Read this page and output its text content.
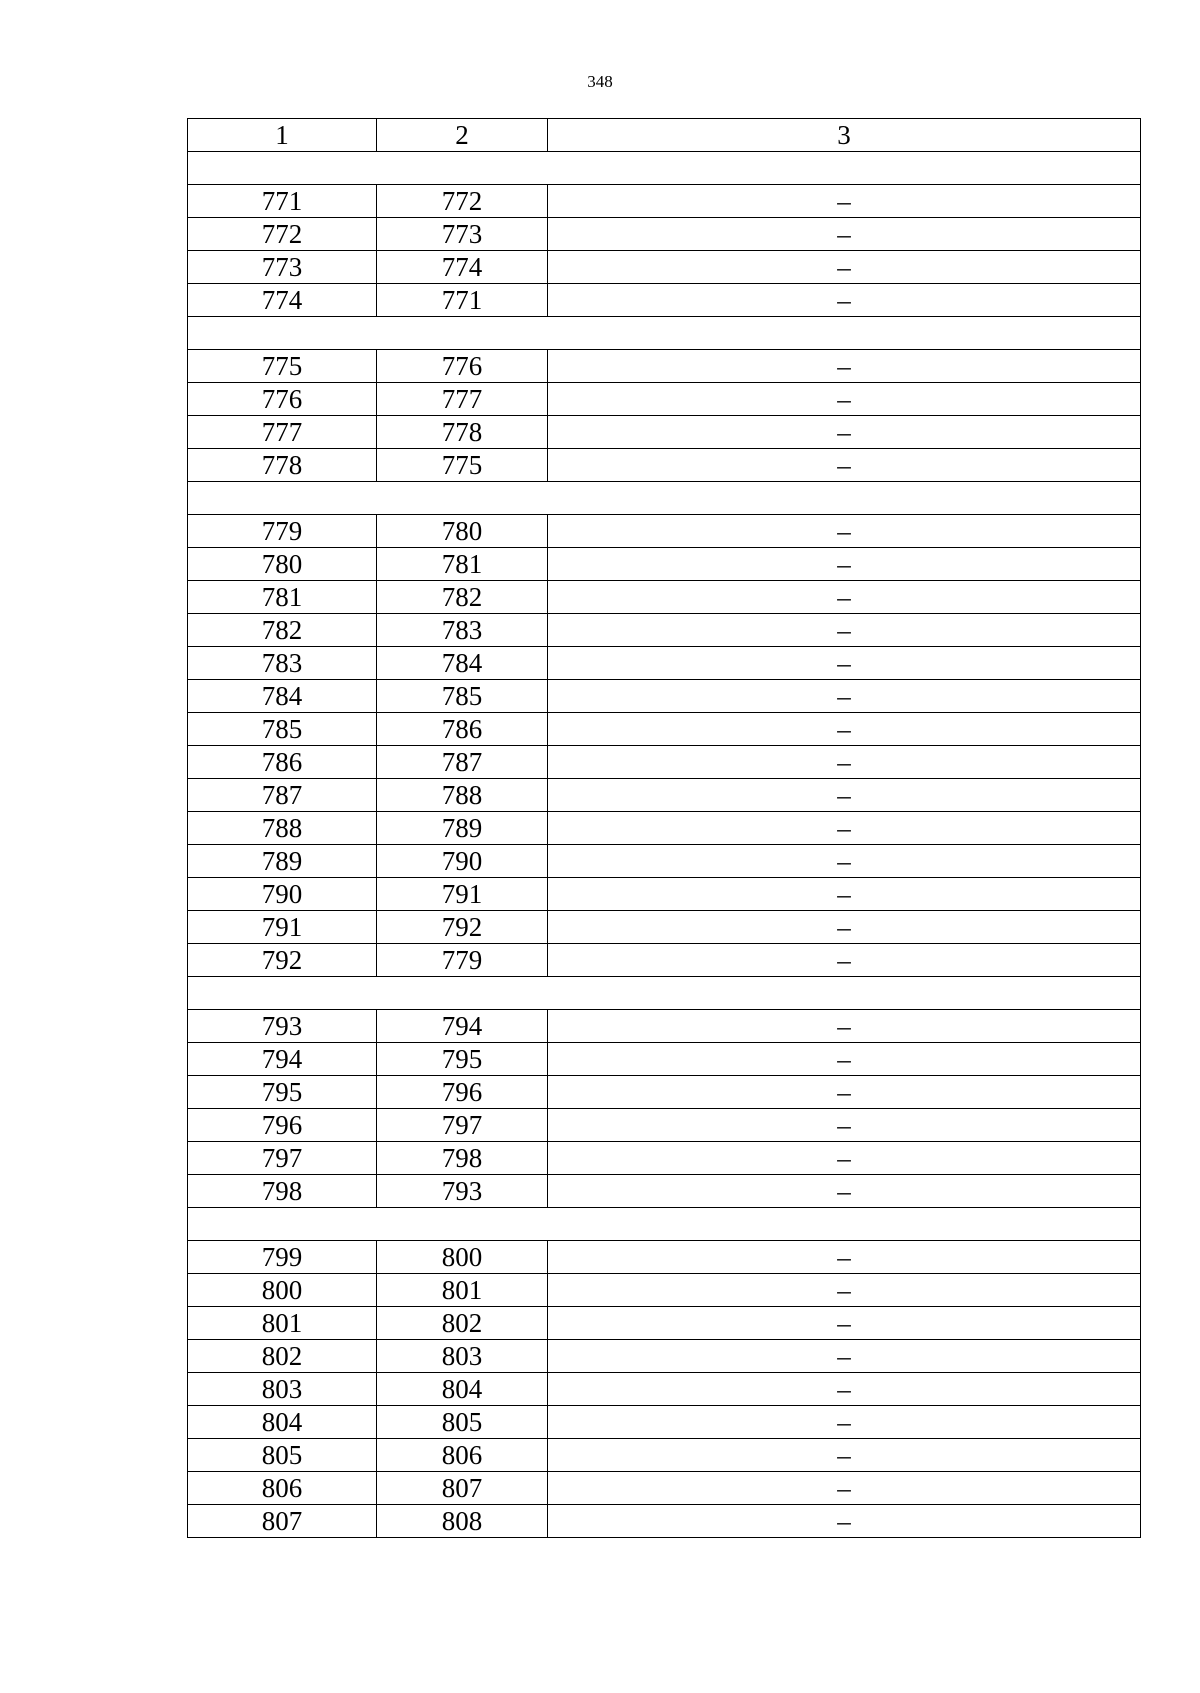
348
1	2	3

771	772	–
772	773	–
773	774	–
774	771	–

775	776	–
776	777	–
777	778	–
778	775	–

779	780	–
780	781	–
781	782	–
782	783	–
783	784	–
784	785	–
785	786	–
786	787	–
787	788	–
788	789	–
789	790	–
790	791	–
791	792	–
792	779	–

793	794	–
794	795	–
795	796	–
796	797	–
797	798	–
798	793	–

799	800	–
800	801	–
801	802	–
802	803	–
803	804	–
804	805	–
805	806	–
806	807	–
807	808	–
